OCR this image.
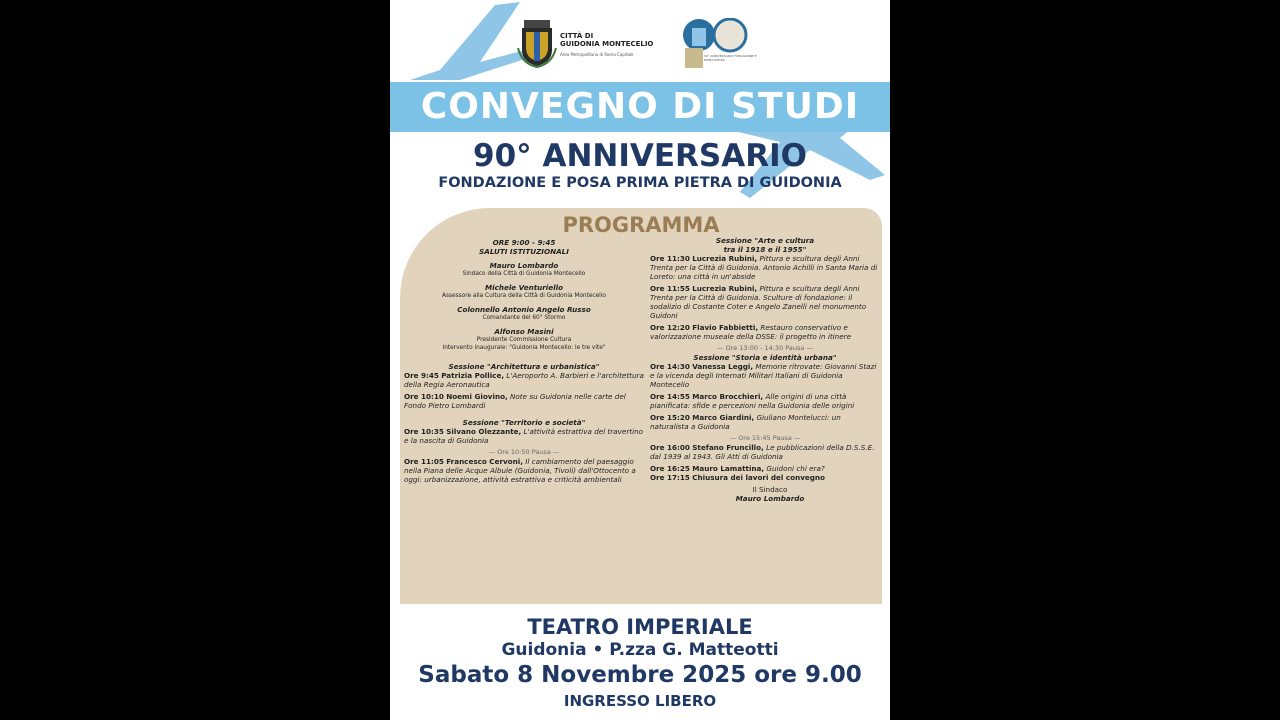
CITTÀ DI
GUIDONIA MONTECELIO
Area Metropolitana di Roma Capitale	90° ANNIVERSARIO FONDAZIONE E PRIMA PIETRA
CONVEGNO DI STUDI
90° ANNIVERSARIO
FONDAZIONE E POSA PRIMA PIETRA DI GUIDONIA
PROGRAMMA
ORE 9:00 - 9:45
SALUTI ISTITUZIONALI
Mauro Lombardo
Sindaco della Città di Guidonia Montecelio
Michele Venturiello
Assessore alla Cultura della Città di Guidonia Montecelio
Colonnello Antonio Angelo Russo
Comandante del 60° Stormo
Alfonso Masini
Presidente Commissione Cultura
Intervento inaugurale: "Guidonia Montecelio: le tre vite"
Sessione "Architettura e urbanistica"
Ore 9:45 Patrizia Pollice, L'Aeroporto A. Barbieri e l'architettura della Regia Aeronautica
Ore 10:10 Noemi Giovino, Note su Guidonia nelle carte del Fondo Pietro Lombardi
Sessione "Territorio e società"
Ore 10:35 Silvano Olezzante, L'attività estrattiva del travertino e la nascita di Guidonia
— Ore 10:50 Pausa —
Ore 11:05 Francesco Cervoni, Il cambiamento del paesaggio nella Piana delle Acque Albule (Guidonia, Tivoli) dall'Ottocento a oggi: urbanizzazione, attività estrattiva e criticità ambientali
Sessione "Arte e cultura
tra il 1918 e il 1955"
Ore 11:30 Lucrezia Rubini, Pittura e scultura degli Anni Trenta per la Città di Guidonia. Antonio Achilli in Santa Maria di Loreto: una città in un'abside
Ore 11:55 Lucrezia Rubini, Pittura e scultura degli Anni Trenta per la Città di Guidonia. Sculture di fondazione: il sodalizio di Costante Coter e Angelo Zanelli nel monumento Guidoni
Ore 12:20 Flavio Fabbietti, Restauro conservativo e valorizzazione museale della DSSE: il progetto in itinere
— Ore 13:00 - 14:30 Pausa —
Sessione "Storia e identità urbana"
Ore 14:30 Vanessa Leggi, Memorie ritrovate: Giovanni Stazi e la vicenda degli Internati Militari Italiani di Guidonia Montecelio
Ore 14:55 Marco Brocchieri, Alle origini di una città pianificata: sfide e percezioni nella Guidonia delle origini
Ore 15:20 Marco Giardini, Giuliano Montelucci: un naturalista a Guidonia
— Ore 15:45 Pausa —
Ore 16:00 Stefano Fruncillo, Le pubblicazioni della D.S.S.E. dal 1939 al 1943. Gli Atti di Guidonia
Ore 16:25 Mauro Lamattina, Guidoni chi era?
Ore 17:15 Chiusura dei lavori del convegno
Il Sindaco
Mauro Lombardo
TEATRO IMPERIALE
Guidonia • P.zza G. Matteotti
Sabato 8 Novembre 2025 ore 9.00
INGRESSO LIBERO
